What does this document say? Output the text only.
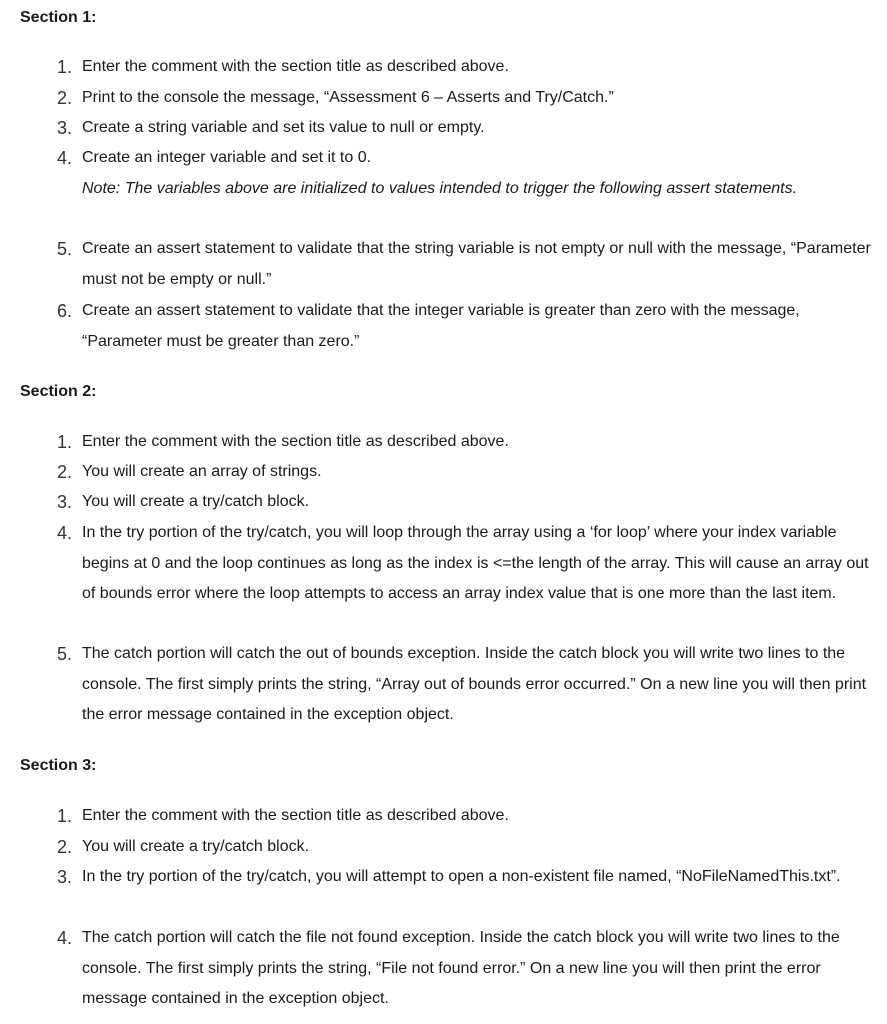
Section 1:
1. Enter the comment with the section title as described above.
2. Print to the console the message, “Assessment 6 – Asserts and Try/Catch.”
3. Create a string variable and set its value to null or empty.
4. Create an integer variable and set it to 0.
Note: The variables above are initialized to values intended to trigger the following assert statements.
5. Create an assert statement to validate that the string variable is not empty or null with the message, “Parameter must not be empty or null.”
6. Create an assert statement to validate that the integer variable is greater than zero with the message, “Parameter must be greater than zero.”
Section 2:
1. Enter the comment with the section title as described above.
2. You will create an array of strings.
3. You will create a try/catch block.
4. In the try portion of the try/catch, you will loop through the array using a ‘for loop’ where your index variable begins at 0 and the loop continues as long as the index is <=the length of the array. This will cause an array out of bounds error where the loop attempts to access an array index value that is one more than the last item.
5. The catch portion will catch the out of bounds exception. Inside the catch block you will write two lines to the console. The first simply prints the string, “Array out of bounds error occurred.” On a new line you will then print the error message contained in the exception object.
Section 3:
1. Enter the comment with the section title as described above.
2. You will create a try/catch block.
3. In the try portion of the try/catch, you will attempt to open a non-existent file named, “NoFileNamedThis.txt”.
4. The catch portion will catch the file not found exception. Inside the catch block you will write two lines to the console. The first simply prints the string, “File not found error.” On a new line you will then print the error message contained in the exception object.
